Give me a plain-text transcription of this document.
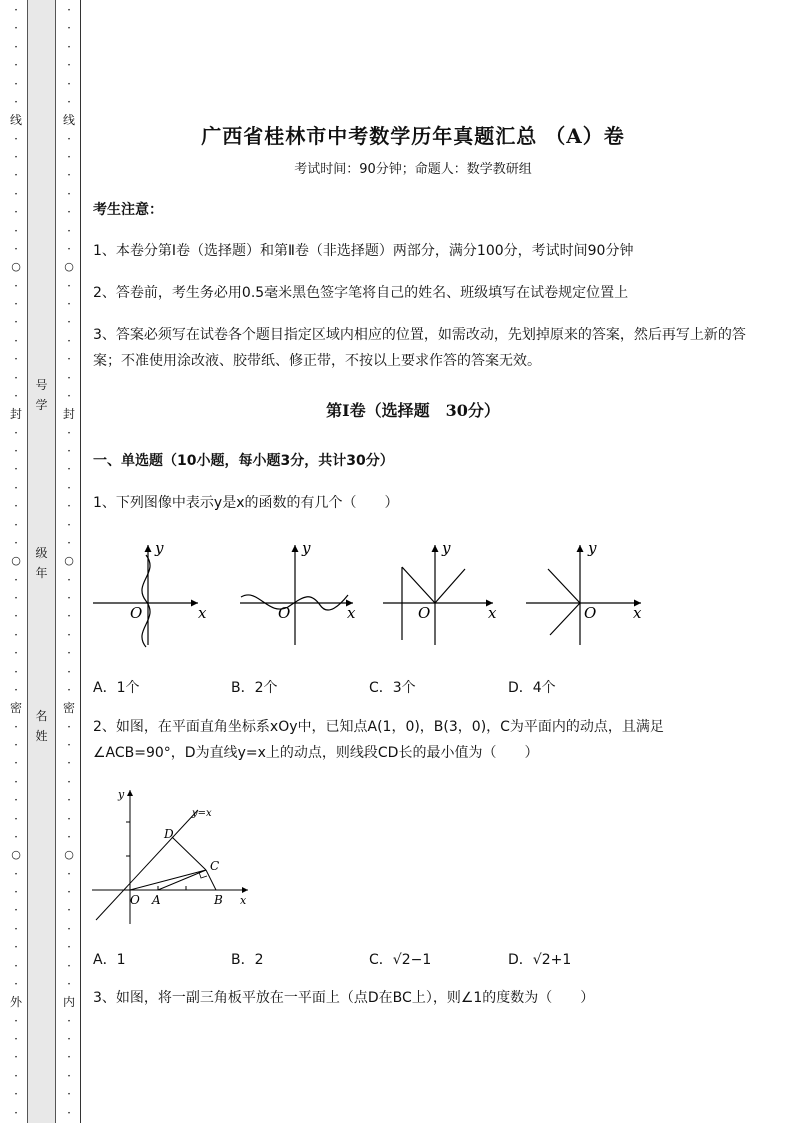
·
·
·
·
·
·
线
·
·
·
·
·
·
·
○
·
·
·
·
·
·
·
封
·
·
·
·
·
·
·
○
·
·
·
·
·
·
·
密
·
·
·
·
·
·
·
○
·
·
·
·
·
·
·
外
·
·
·
·
·
·
号
学
级
年
名
姓
·
·
·
·
·
·
线
·
·
·
·
·
·
·
○
·
·
·
·
·
·
·
封
·
·
·
·
·
·
·
○
·
·
·
·
·
·
·
密
·
·
·
·
·
·
·
○
·
·
·
·
·
·
·
内
·
·
·
·
·
·
广西省桂林市中考数学历年真题汇总 （A）卷
考试时间：90分钟；命题人：数学教研组
考生注意：
1、本卷分第I卷（选择题）和第Ⅱ卷（非选择题）两部分，满分100分，考试时间90分钟
2、答卷前，考生务必用0.5毫米黑色签字笔将自己的姓名、班级填写在试卷规定位置上
3、答案必须写在试卷各个题目指定区域内相应的位置，如需改动，先划掉原来的答案，然后再写上新的答案；不准使用涂改液、胶带纸、修正带，不按以上要求作答的答案无效。
第I卷（选择题　30分）
一、单选题（10小题，每小题3分，共计30分）
1、下列图像中表示y是x的函数的有几个（　　）
y
x
O
y
x
O
y
x
O
y
x
O
A．1个	B．2个	C．3个	D．4个
2、如图，在平面直角坐标系xOy中，已知点A(1，0)，B(3，0)，C为平面内的动点，且满足
∠ACB=90°，D为直线y=x上的动点，则线段CD长的最小值为（　　）
y
x
y=x
D
C
O A	B
A．1	B．2	C．√2−1	D．√2+1
3、如图，将一副三角板平放在一平面上（点D在BC上），则∠1的度数为（　　）
